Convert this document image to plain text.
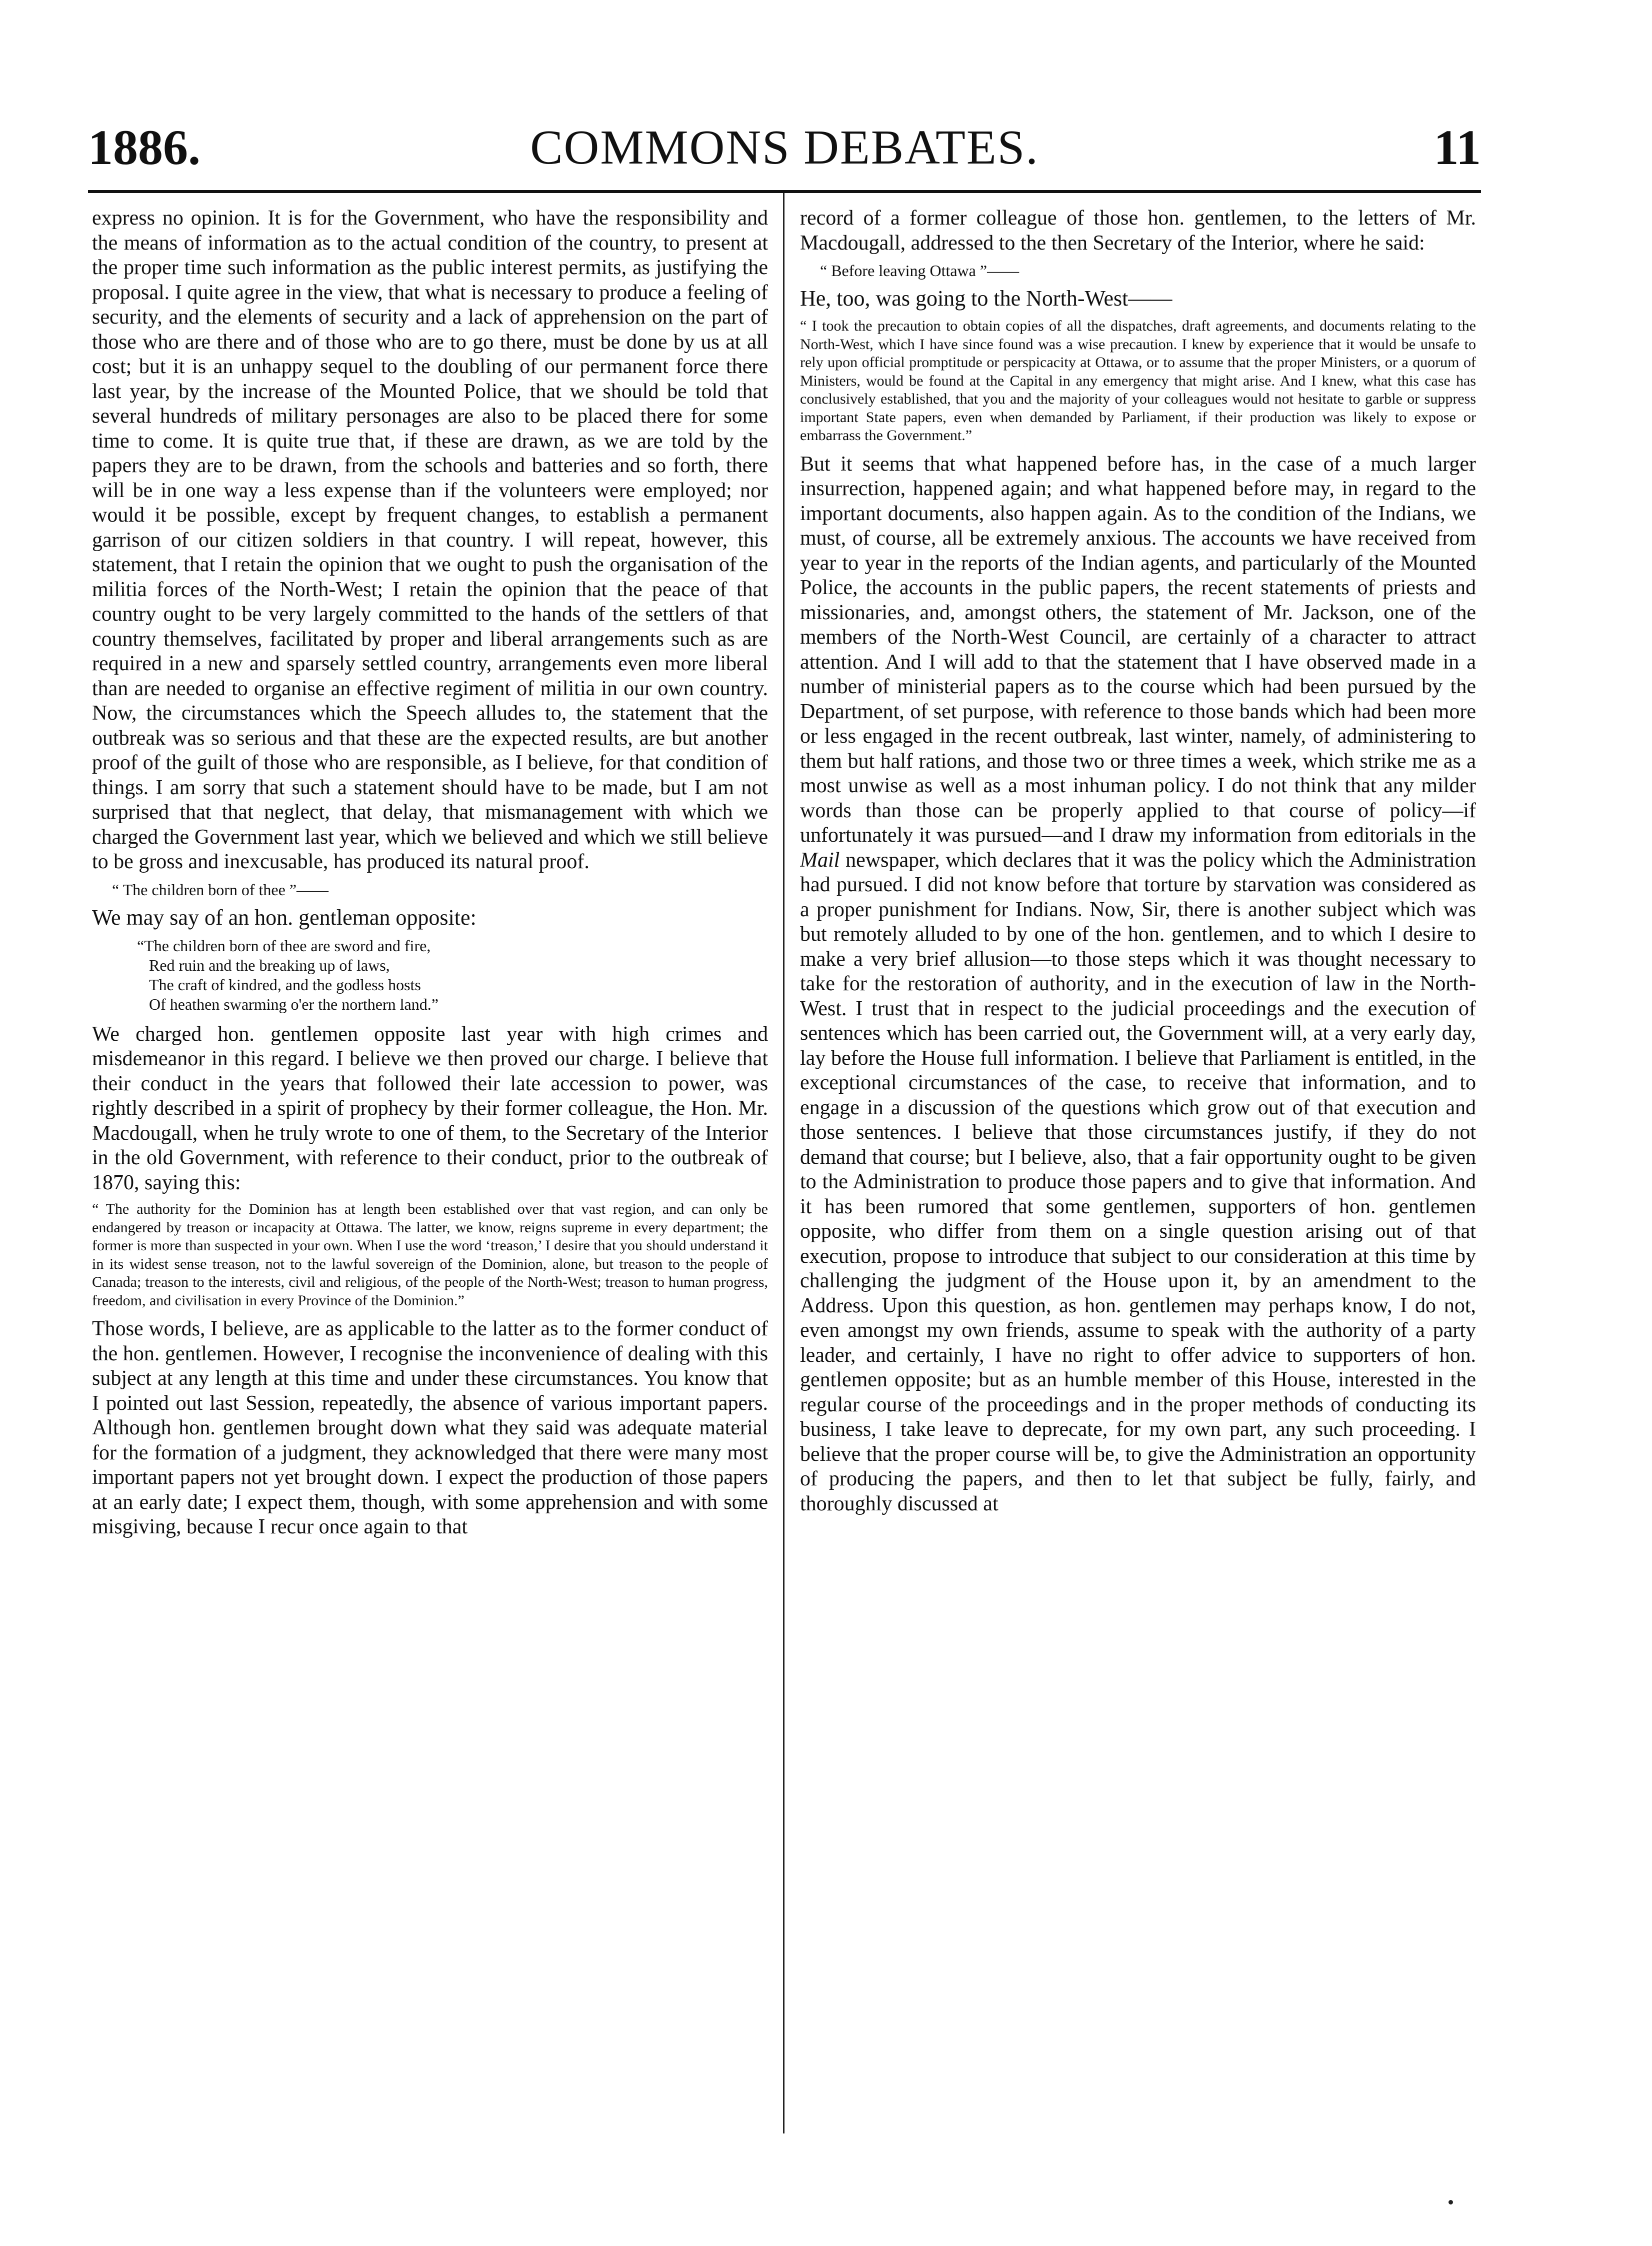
1886.	COMMONS DEBATES.	11

express no opinion. It is for the Government, who have the responsibility and the means of information as to the actual condition of the country, to present at the proper time such information as the public interest permits, as justifying the proposal. I quite agree in the view, that what is necessary to produce a feeling of security, and the elements of security and a lack of apprehension on the part of those who are there and of those who are to go there, must be done by us at all cost; but it is an unhappy sequel to the doubling of our permanent force there last year, by the increase of the Mounted Police, that we should be told that several hundreds of military personages are also to be placed there for some time to come. It is quite true that, if these are drawn, as we are told by the papers they are to be drawn, from the schools and batteries and so forth, there will be in one way a less expense than if the volunteers were employed; nor would it be possible, except by frequent changes, to establish a permanent garrison of our citizen soldiers in that country. I will repeat, however, this statement, that I retain the opinion that we ought to push the organisation of the militia forces of the North-West; I retain the opinion that the peace of that country ought to be very largely committed to the hands of the settlers of that country themselves, facilitated by proper and liberal arrangements such as are required in a new and sparsely settled country, arrangements even more liberal than are needed to organise an effective regiment of militia in our own country. Now, the circumstances which the Speech alludes to, the statement that the outbreak was so serious and that these are the expected results, are but another proof of the guilt of those who are responsible, as I believe, for that condition of things. I am sorry that such a statement should have to be made, but I am not surprised that that neglect, that delay, that mismanagement with which we charged the Government last year, which we believed and which we still believe to be gross and inexcusable, has produced its natural proof.

“ The children born of thee ”——

We may say of an hon. gentleman opposite:

“The children born of thee are sword and fire,
Red ruin and the breaking up of laws,
The craft of kindred, and the godless hosts
Of heathen swarming o'er the northern land.”

We charged hon. gentlemen opposite last year with high crimes and misdemeanor in this regard. I believe we then proved our charge. I believe that their conduct in the years that followed their late accession to power, was rightly described in a spirit of prophecy by their former colleague, the Hon. Mr. Macdougall, when he truly wrote to one of them, to the Secretary of the Interior in the old Government, with reference to their conduct, prior to the outbreak of 1870, saying this:

“ The authority for the Dominion has at length been established over that vast region, and can only be endangered by treason or incapacity at Ottawa. The latter, we know, reigns supreme in every department; the former is more than suspected in your own. When I use the word ‘treason,’ I desire that you should understand it in its widest sense treason, not to the lawful sovereign of the Dominion, alone, but treason to the people of Canada; treason to the interests, civil and religious, of the people of the North-West; treason to human progress, freedom, and civilisation in every Province of the Dominion.”

Those words, I believe, are as applicable to the latter as to the former conduct of the hon. gentlemen. However, I recognise the inconvenience of dealing with this subject at any length at this time and under these circumstances. You know that I pointed out last Session, repeatedly, the absence of various important papers. Although hon. gentlemen brought down what they said was adequate material for the formation of a judgment, they acknowledged that there were many most important papers not yet brought down. I expect the production of those papers at an early date; I expect them, though, with some apprehension and with some misgiving, because I recur once again to that

record of a former colleague of those hon. gentlemen, to the letters of Mr. Macdougall, addressed to the then Secretary of the Interior, where he said:

“ Before leaving Ottawa ”——

He, too, was going to the North-West——

“ I took the precaution to obtain copies of all the dispatches, draft agreements, and documents relating to the North-West, which I have since found was a wise precaution. I knew by experience that it would be unsafe to rely upon official promptitude or perspicacity at Ottawa, or to assume that the proper Ministers, or a quorum of Ministers, would be found at the Capital in any emergency that might arise. And I knew, what this case has conclusively established, that you and the majority of your colleagues would not hesitate to garble or suppress important State papers, even when demanded by Parliament, if their production was likely to expose or embarrass the Government.”

But it seems that what happened before has, in the case of a much larger insurrection, happened again; and what happened before may, in regard to the important documents, also happen again. As to the condition of the Indians, we must, of course, all be extremely anxious. The accounts we have received from year to year in the reports of the Indian agents, and particularly of the Mounted Police, the accounts in the public papers, the recent statements of priests and missionaries, and, amongst others, the statement of Mr. Jackson, one of the members of the North-West Council, are certainly of a character to attract attention. And I will add to that the statement that I have observed made in a number of ministerial papers as to the course which had been pursued by the Department, of set purpose, with reference to those bands which had been more or less engaged in the recent outbreak, last winter, namely, of administering to them but half rations, and those two or three times a week, which strike me as a most unwise as well as a most inhuman policy. I do not think that any milder words than those can be properly applied to that course of policy—if unfortunately it was pursued—and I draw my information from editorials in the Mail newspaper, which declares that it was the policy which the Administration had pursued. I did not know before that torture by starvation was considered as a proper punishment for Indians. Now, Sir, there is another subject which was but remotely alluded to by one of the hon. gentlemen, and to which I desire to make a very brief allusion—to those steps which it was thought necessary to take for the restoration of authority, and in the execution of law in the North-West. I trust that in respect to the judicial proceedings and the execution of sentences which has been carried out, the Government will, at a very early day, lay before the House full information. I believe that Parliament is entitled, in the exceptional circumstances of the case, to receive that information, and to engage in a discussion of the questions which grow out of that execution and those sentences. I believe that those circumstances justify, if they do not demand that course; but I believe, also, that a fair opportunity ought to be given to the Administration to produce those papers and to give that information. And it has been rumored that some gentlemen, supporters of hon. gentlemen opposite, who differ from them on a single question arising out of that execution, propose to introduce that subject to our consideration at this time by challenging the judgment of the House upon it, by an amendment to the Address. Upon this question, as hon. gentlemen may perhaps know, I do not, even amongst my own friends, assume to speak with the authority of a party leader, and certainly, I have no right to offer advice to supporters of hon. gentlemen opposite; but as an humble member of this House, interested in the regular course of the proceedings and in the proper methods of conducting its business, I take leave to deprecate, for my own part, any such proceeding. I believe that the proper course will be, to give the Administration an opportunity of producing the papers, and then to let that subject be fully, fairly, and thoroughly discussed at
